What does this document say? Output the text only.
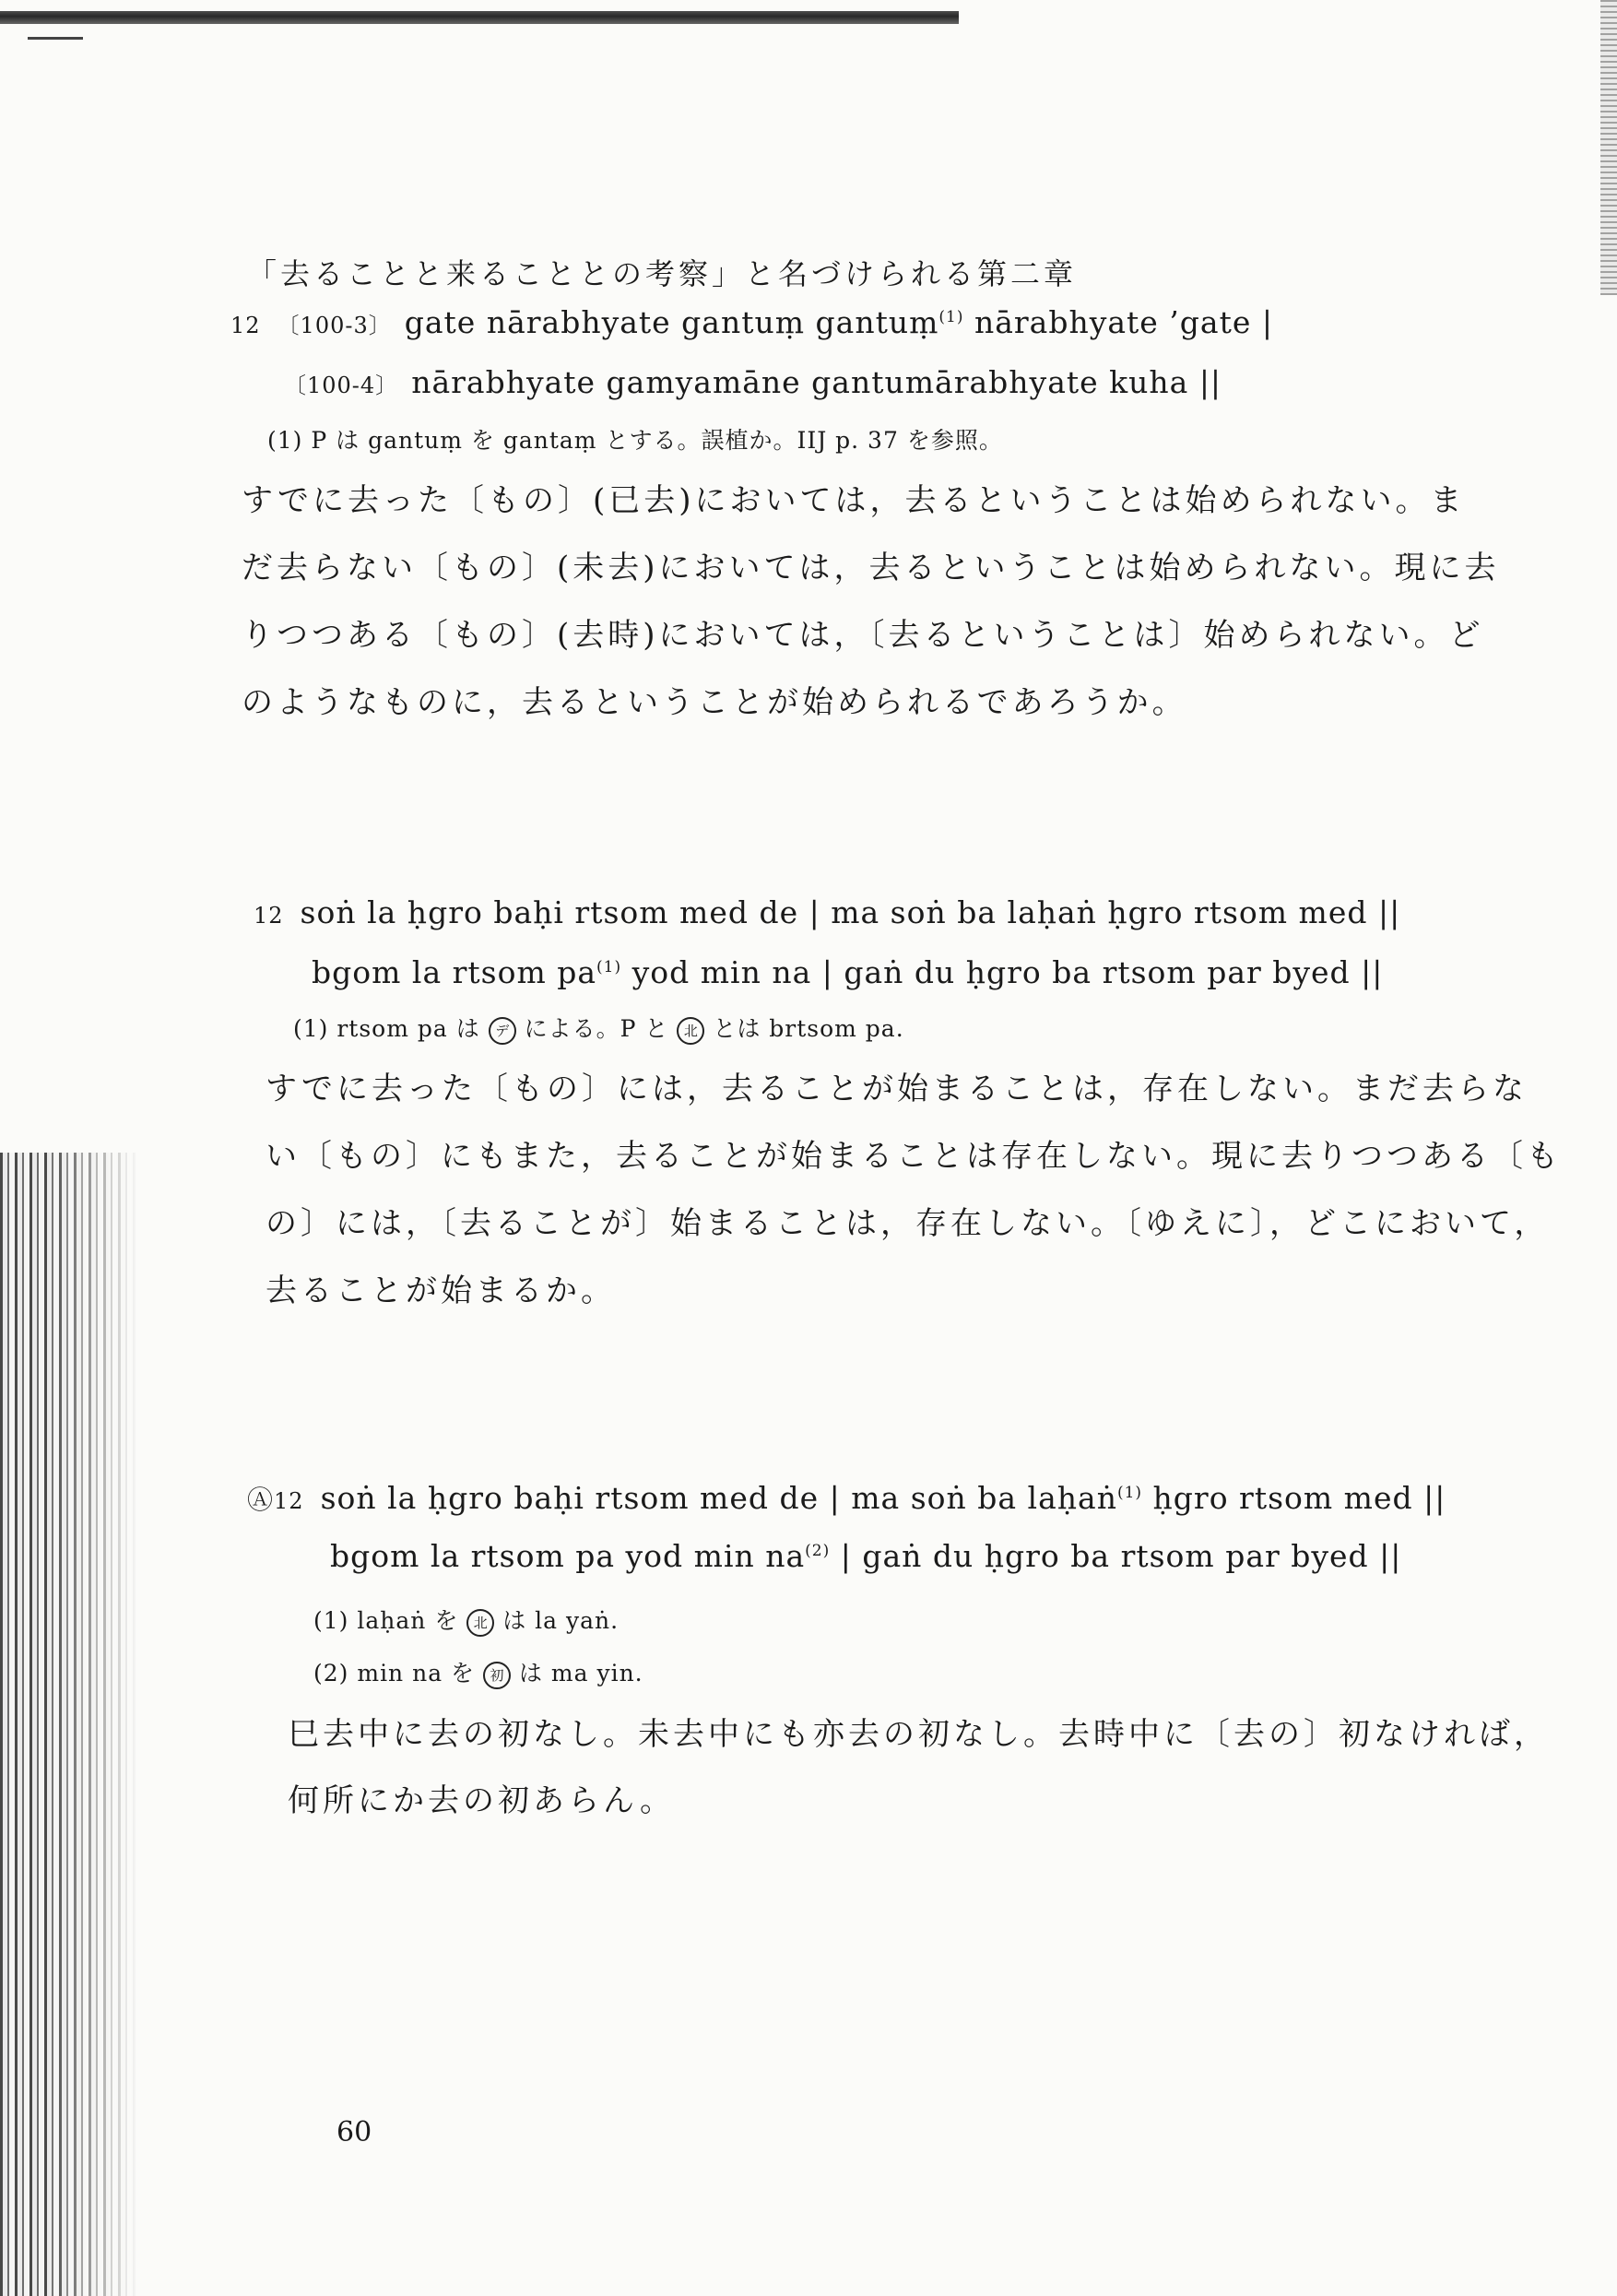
「去ることと来ることとの考察」と名づけられる第二章
12 〔100-3〕 gate nārabhyate gantuṃ gantuṃ$^{(1)}$ nārabhyate ’gate |
〔100-4〕 nārabhyate gamyamāne gantumārabhyate kuha ||
(1) P は gantuṃ を gantaṃ とする。誤植か。IIJ p. 37 を参照。
すでに去った〔もの〕(已去)においては，去るということは始められない。ま
だ去らない〔もの〕(未去)においては，去るということは始められない。現に去
りつつある〔もの〕(去時)においては，〔去るということは〕始められない。ど
のようなものに，去るということが始められるであろうか。
12 soṅ la ḥgro baḥi rtsom med de | ma soṅ ba laḥaṅ ḥgro rtsom med ||
bgom la rtsom $pa^{(1)}$ yod min na | gaṅ du ḥgro ba rtsom par byed ||
(1) rtsom pa は デ による。P と 北 とは brtsom pa.
すでに去った〔もの〕には，去ることが始まることは，存在しない。まだ去らな
い〔もの〕にもまた，去ることが始まることは存在しない。現に去りつつある〔も
の〕には，〔去ることが〕始まることは，存在しない。〔ゆえに〕，どこにおいて，
去ることが始まるか。
Ⓐ12 soṅ la ḥgro baḥi rtsom med de | ma soṅ ba laḥaṅ$^{(1)}$ ḥgro rtsom med ||
bgom la rtsom pa yod $\min na^{(2)}$ | gaṅ du ḥgro ba rtsom par byed ||
(1) laḥaṅ を 北 は la yaṅ.
(2) min na を 初 は ma yin.
巳去中に去の初なし。未去中にも亦去の初なし。去時中に〔去の〕初なければ，
何所にか去の初あらん。
60
